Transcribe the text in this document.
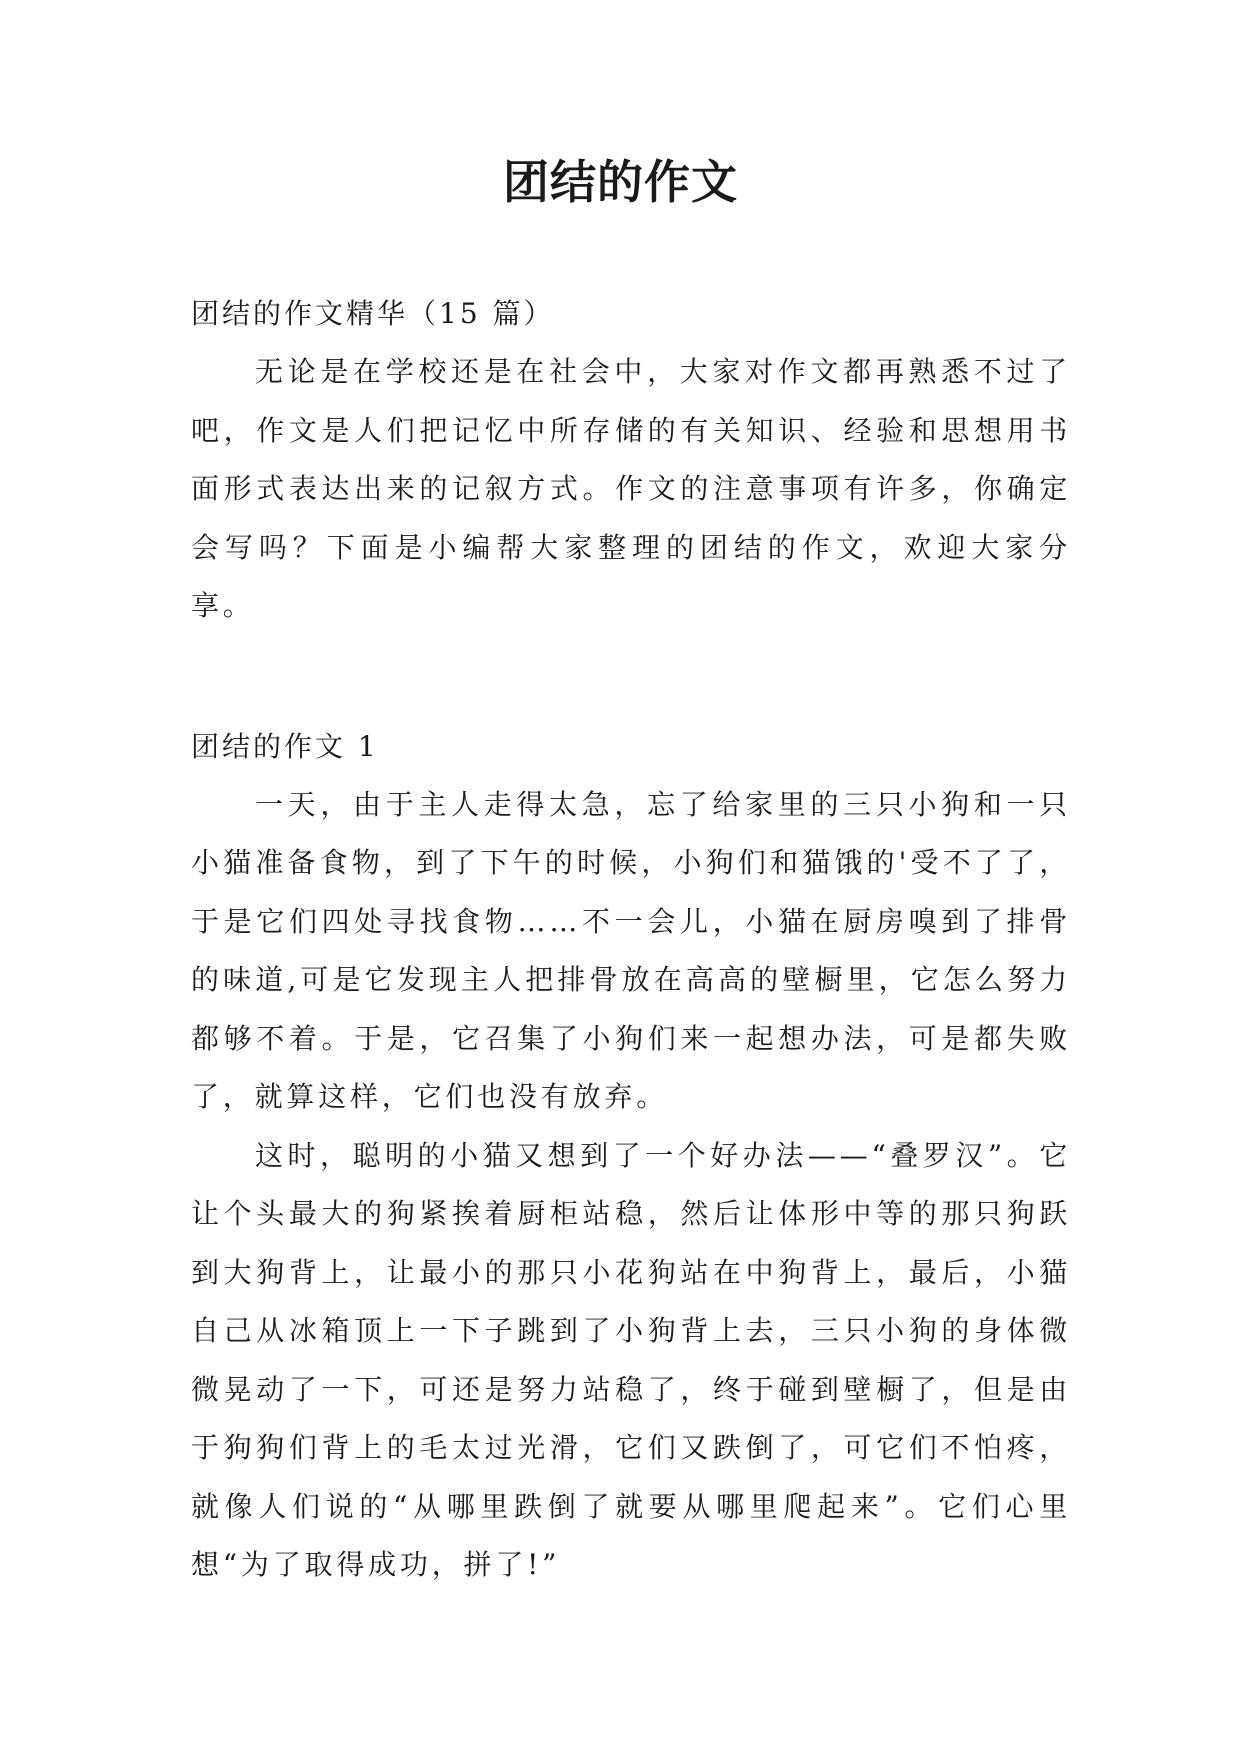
团结的作文

团结的作文精华（15 篇）

无论是在学校还是在社会中，大家对作文都再熟悉不过了吧，作文是人们把记忆中所存储的有关知识、经验和思想用书面形式表达出来的记叙方式。作文的注意事项有许多，你确定会写吗？下面是小编帮大家整理的团结的作文，欢迎大家分享。

团结的作文 1

一天，由于主人走得太急，忘了给家里的三只小狗和一只小猫准备食物，到了下午的时候，小狗们和猫饿的'受不了了，于是它们四处寻找食物……不一会儿，小猫在厨房嗅到了排骨的味道,可是它发现主人把排骨放在高高的壁橱里，它怎么努力都够不着。于是，它召集了小狗们来一起想办法，可是都失败了，就算这样，它们也没有放弃。

这时，聪明的小猫又想到了一个好办法——“叠罗汉”。它让个头最大的狗紧挨着厨柜站稳，然后让体形中等的那只狗跃到大狗背上，让最小的那只小花狗站在中狗背上，最后，小猫自己从冰箱顶上一下子跳到了小狗背上去，三只小狗的身体微微晃动了一下，可还是努力站稳了，终于碰到壁橱了，但是由于狗狗们背上的毛太过光滑，它们又跌倒了，可它们不怕疼，就像人们说的“从哪里跌倒了就要从哪里爬起来”。它们心里想“为了取得成功，拼了!”
